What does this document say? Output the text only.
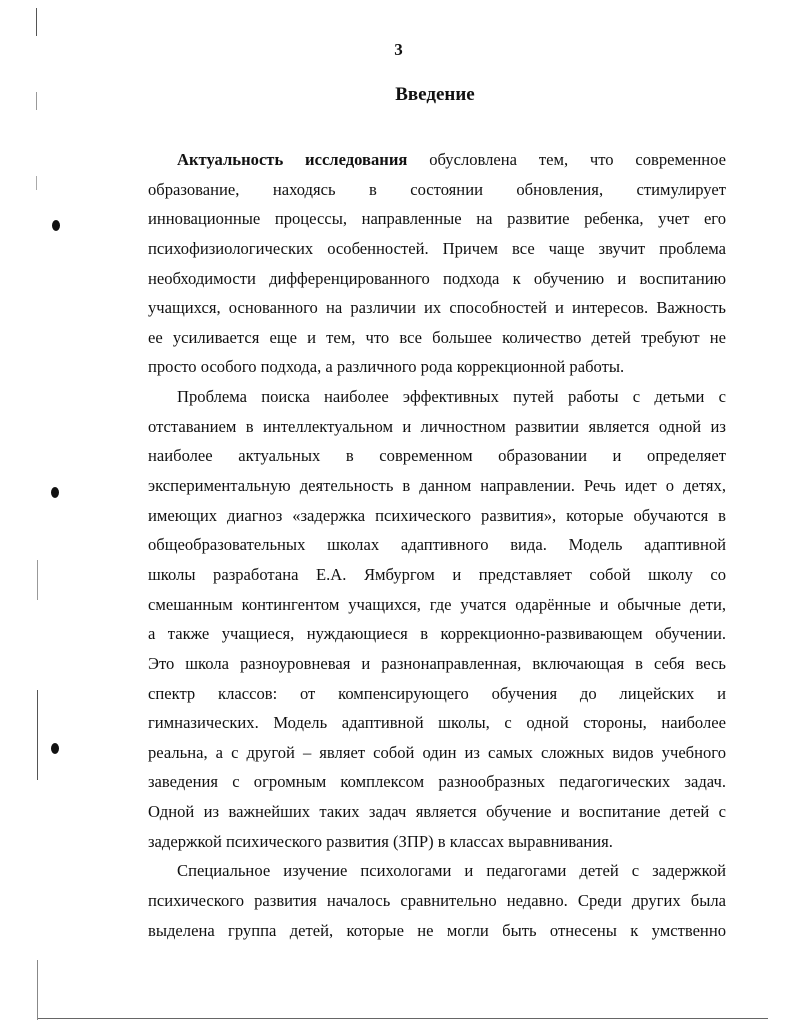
3
Введение
Актуальность исследования обусловлена тем, что современное
образование, находясь в состоянии обновления, стимулирует
инновационные процессы, направленные на развитие ребенка, учет его
психофизиологических особенностей. Причем все чаще звучит проблема
необходимости дифференцированного подхода к обучению и воспитанию
учащихся, основанного на различии их способностей и интересов. Важность
ее усиливается еще и тем, что все большее количество детей требуют не
просто особого подхода, а различного рода коррекционной работы.
Проблема поиска наиболее эффективных путей работы с детьми с
отставанием в интеллектуальном и личностном развитии является одной из
наиболее актуальных в современном образовании и определяет
экспериментальную деятельность в данном направлении. Речь идет о детях,
имеющих диагноз «задержка психического развития», которые обучаются в
общеобразовательных школах адаптивного вида. Модель адаптивной
школы разработана Е.А. Ямбургом и представляет собой школу со
смешанным контингентом учащихся, где учатся одарённые и обычные дети,
а также учащиеся, нуждающиеся в коррекционно-развивающем обучении.
Это школа разноуровневая и разнонаправленная, включающая в себя весь
спектр классов: от компенсирующего обучения до лицейских и
гимназических. Модель адаптивной школы, с одной стороны, наиболее
реальна, а с другой – являет собой один из самых сложных видов учебного
заведения с огромным комплексом разнообразных педагогических задач.
Одной из важнейших таких задач является обучение и воспитание детей с
задержкой психического развития (ЗПР) в классах выравнивания.
Специальное изучение психологами и педагогами детей с задержкой
психического развития началось сравнительно недавно. Среди других была
выделена группа детей, которые не могли быть отнесены к умственно
